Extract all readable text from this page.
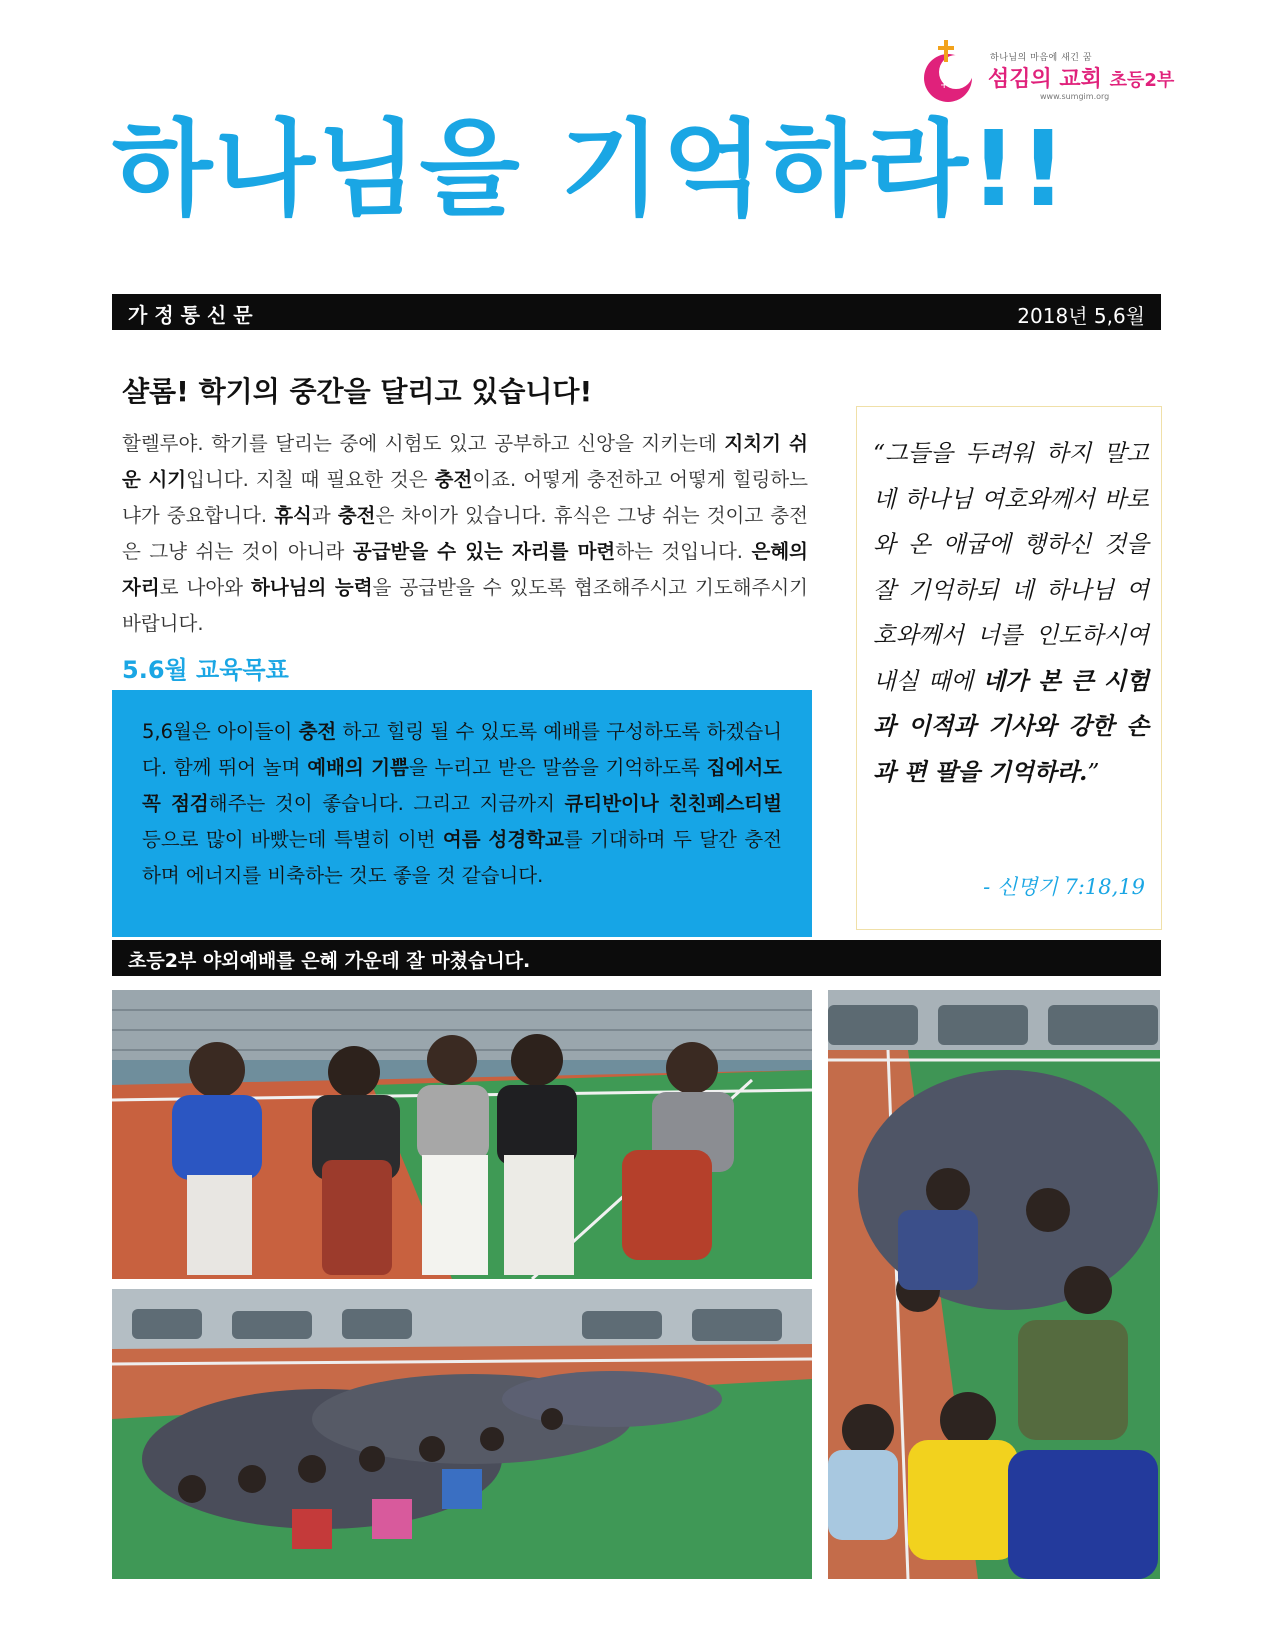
+
하나님의 마음에 새긴 꿈
섬김의 교회 초등2부
www.sumgim.org
하나님을 기억하라!!
가정통신문	2018년 5,6월
샬롬! 학기의 중간을 달리고 있습니다!
할렐루야. 학기를 달리는 중에 시험도 있고 공부하고 신앙을 지키는데 지치기 쉬운 시기입니다. 지칠 때 필요한 것은 충전이죠. 어떻게 충전하고 어떻게 힐링하느냐가 중요합니다. 휴식과 충전은 차이가 있습니다. 휴식은 그냥 쉬는 것이고 충전은 그냥 쉬는 것이 아니라 공급받을 수 있는 자리를 마련하는 것입니다. 은혜의 자리로 나아와 하나님의 능력을 공급받을 수 있도록 협조해주시고 기도해주시기 바랍니다.
5.6월 교육목표
5,6월은 아이들이 충전 하고 힐링 될 수 있도록 예배를 구성하도록 하겠습니다. 함께 뛰어 놀며 예배의 기쁨을 누리고 받은 말씀을 기억하도록 집에서도 꼭 점검해주는 것이 좋습니다. 그리고 지금까지 큐티반이나 친친페스티벌 등으로 많이 바빴는데 특별히 이번 여름 성경학교를 기대하며 두 달간 충전하며 에너지를 비축하는 것도 좋을 것 같습니다.
“그들을 두려워 하지 말고 네 하나님 여호와께서 바로와 온 애굽에 행하신 것을 잘 기억하되 네 하나님 여호와께서 너를 인도하시여 내실 때에 네가 본 큰 시험과 이적과 기사와 강한 손과 편 팔을 기억하라.”
- 신명기 7:18,19
초등2부 야외예배를 은혜 가운데 잘 마쳤습니다.
